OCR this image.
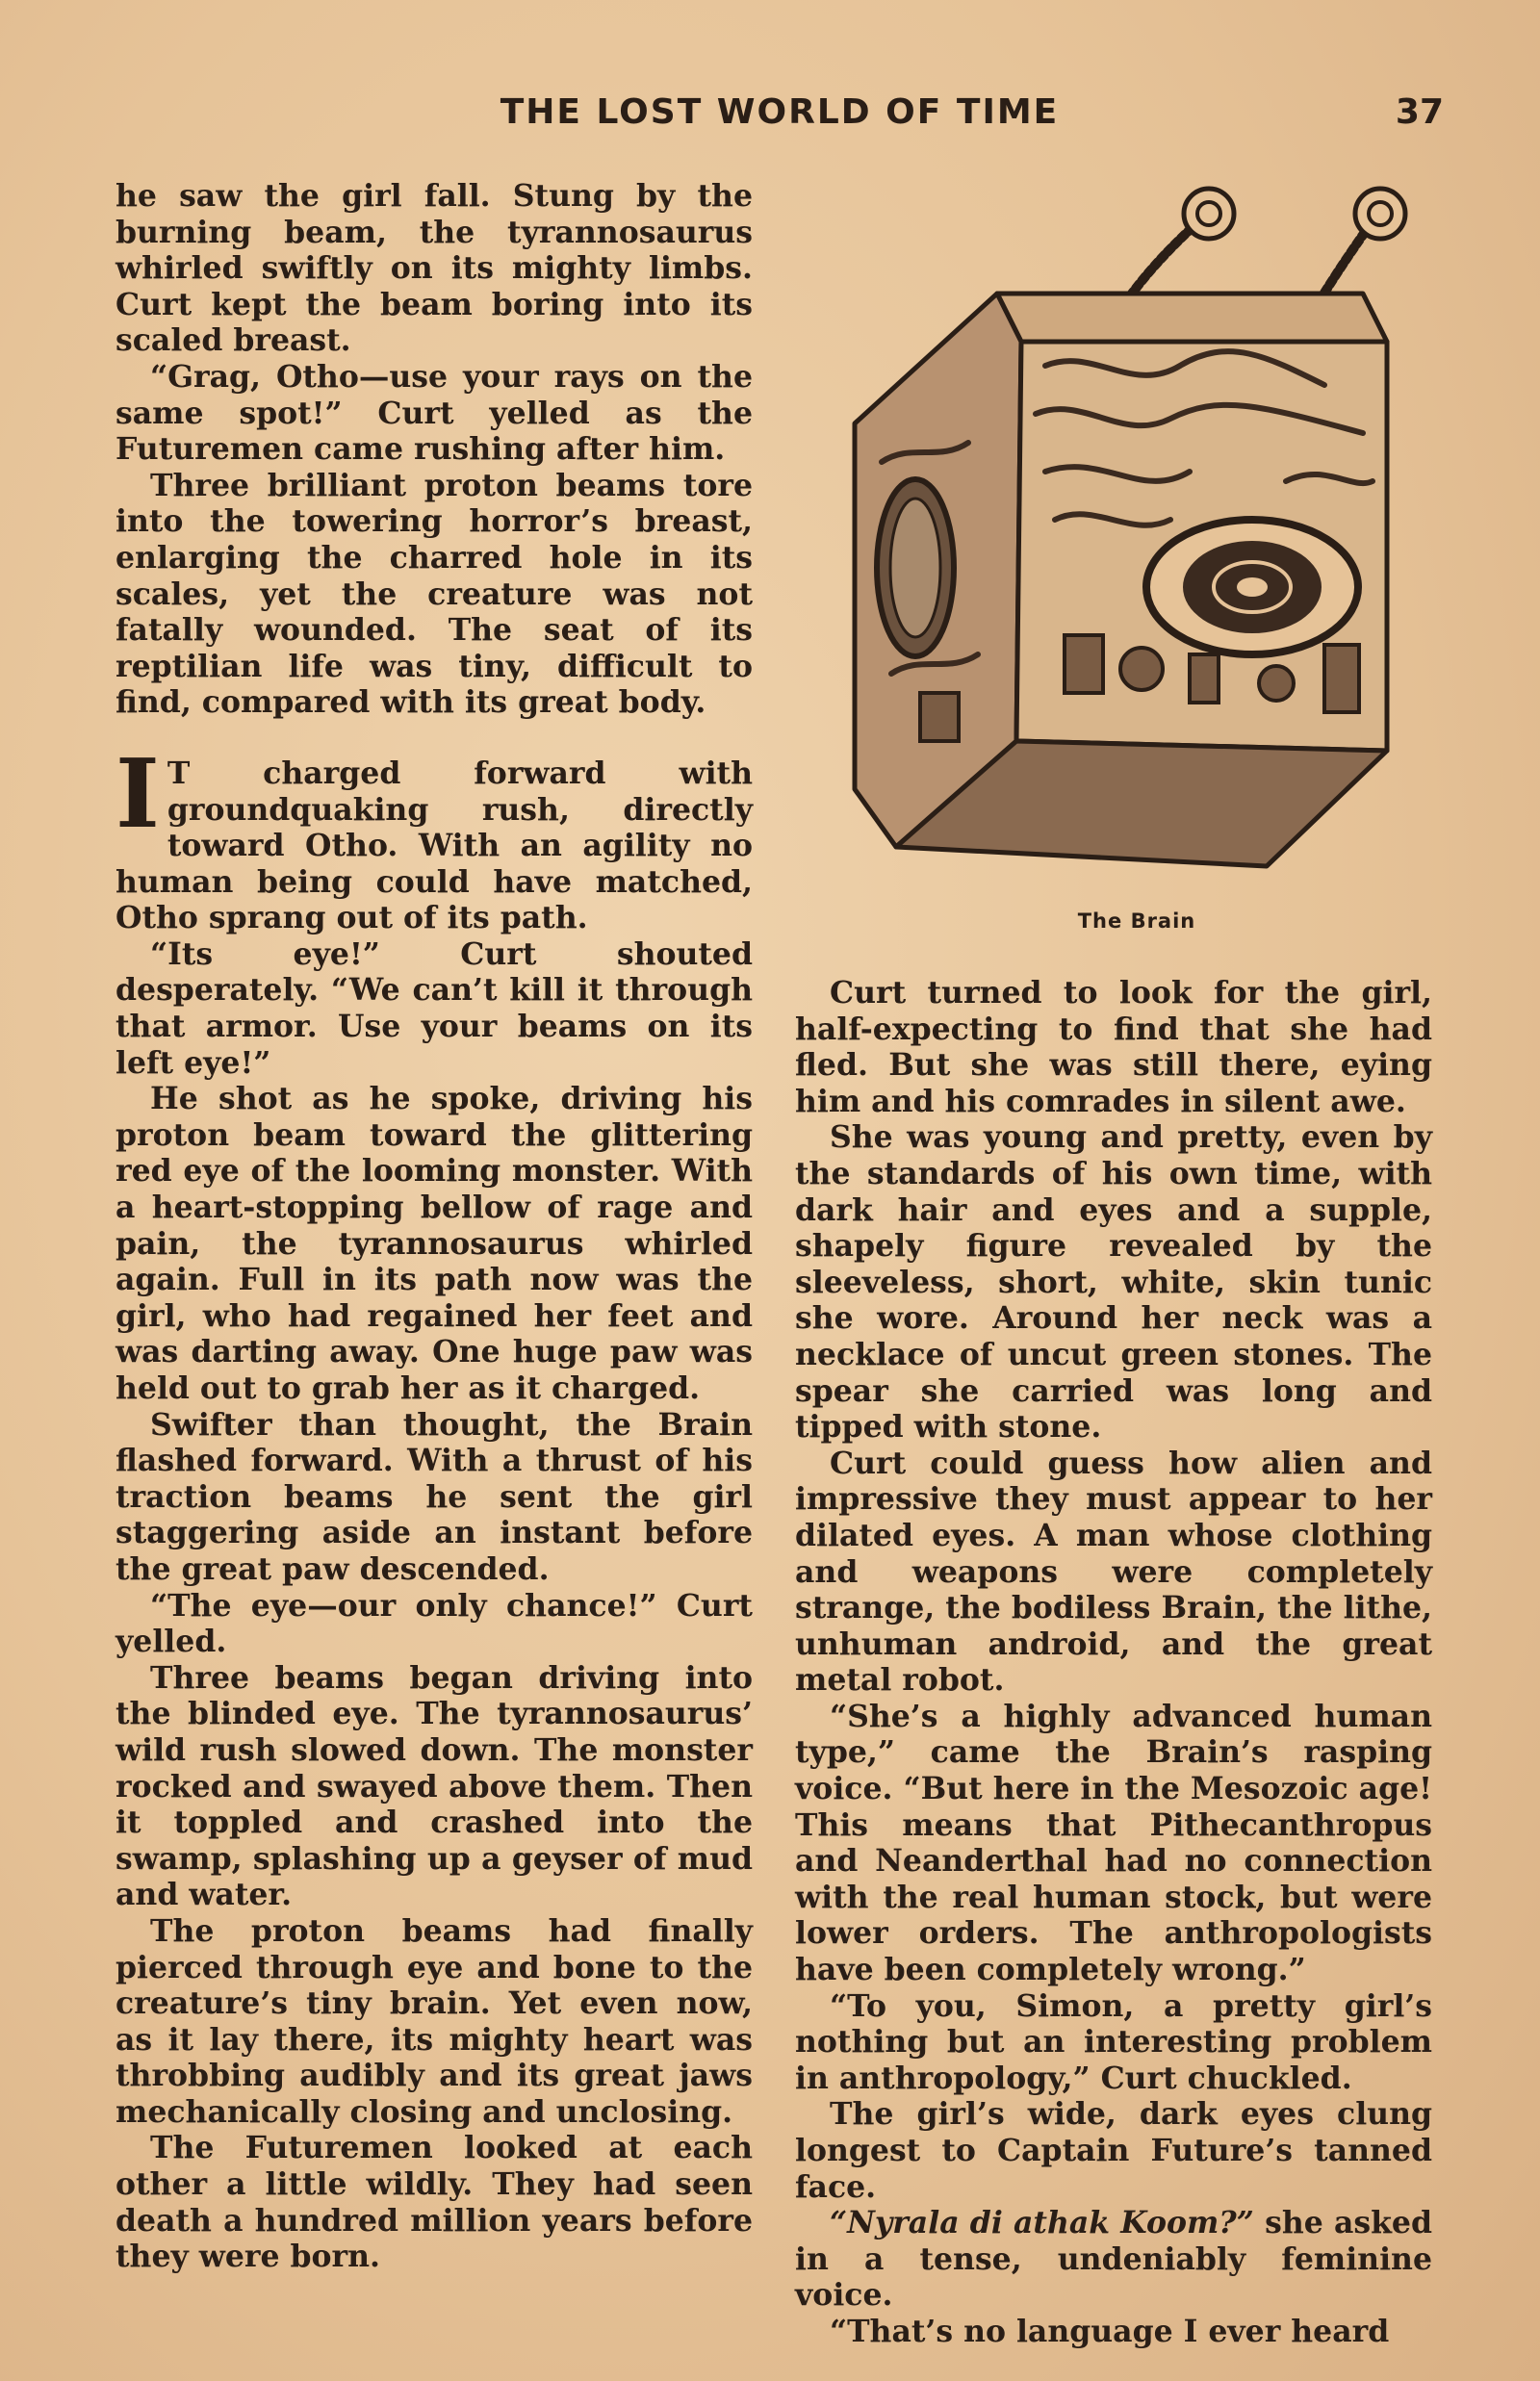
THE LOST WORLD OF TIME	37

he saw the girl fall. Stung by the burning beam, the tyrannosaurus whirled swiftly on its mighty limbs. Curt kept the beam boring into its scaled breast.

“Grag, Otho—use your rays on the same spot!” Curt yelled as the Futuremen came rushing after him.

Three brilliant proton beams tore into the towering horror’s breast, enlarging the charred hole in its scales, yet the creature was not fatally wounded. The seat of its reptilian life was tiny, difficult to find, compared with its great body.

I T charged forward with groundquaking rush, directly toward Otho. With an agility no human being could have matched, Otho sprang out of its path.

“Its eye!” Curt shouted desperately. “We can’t kill it through that armor. Use your beams on its left eye!”

He shot as he spoke, driving his proton beam toward the glittering red eye of the looming monster. With a heart-stopping bellow of rage and pain, the tyrannosaurus whirled again. Full in its path now was the girl, who had regained her feet and was darting away. One huge paw was held out to grab her as it charged.

Swifter than thought, the Brain flashed forward. With a thrust of his traction beams he sent the girl staggering aside an instant before the great paw descended.

“The eye—our only chance!” Curt yelled.

Three beams began driving into the blinded eye. The tyrannosaurus’ wild rush slowed down. The monster rocked and swayed above them. Then it toppled and crashed into the swamp, splashing up a geyser of mud and water.

The proton beams had finally pierced through eye and bone to the creature’s tiny brain. Yet even now, as it lay there, its mighty heart was throbbing audibly and its great jaws mechanically closing and unclosing.

The Futuremen looked at each other a little wildly. They had seen death a hundred million years before they were born.

The Brain

Curt turned to look for the girl, half-expecting to find that she had fled. But she was still there, eying him and his comrades in silent awe.

She was young and pretty, even by the standards of his own time, with dark hair and eyes and a supple, shapely figure revealed by the sleeveless, short, white, skin tunic she wore. Around her neck was a necklace of uncut green stones. The spear she carried was long and tipped with stone.

Curt could guess how alien and impressive they must appear to her dilated eyes. A man whose clothing and weapons were completely strange, the bodiless Brain, the lithe, unhuman android, and the great metal robot.

“She’s a highly advanced human type,” came the Brain’s rasping voice. “But here in the Mesozoic age! This means that Pithecanthropus and Neanderthal had no connection with the real human stock, but were lower orders. The anthropologists have been completely wrong.”

“To you, Simon, a pretty girl’s nothing but an interesting problem in anthropology,” Curt chuckled.

The girl’s wide, dark eyes clung longest to Captain Future’s tanned face.

“Nyrala di athak Koom?” she asked in a tense, undeniably feminine voice.

“That’s no language I ever heard
